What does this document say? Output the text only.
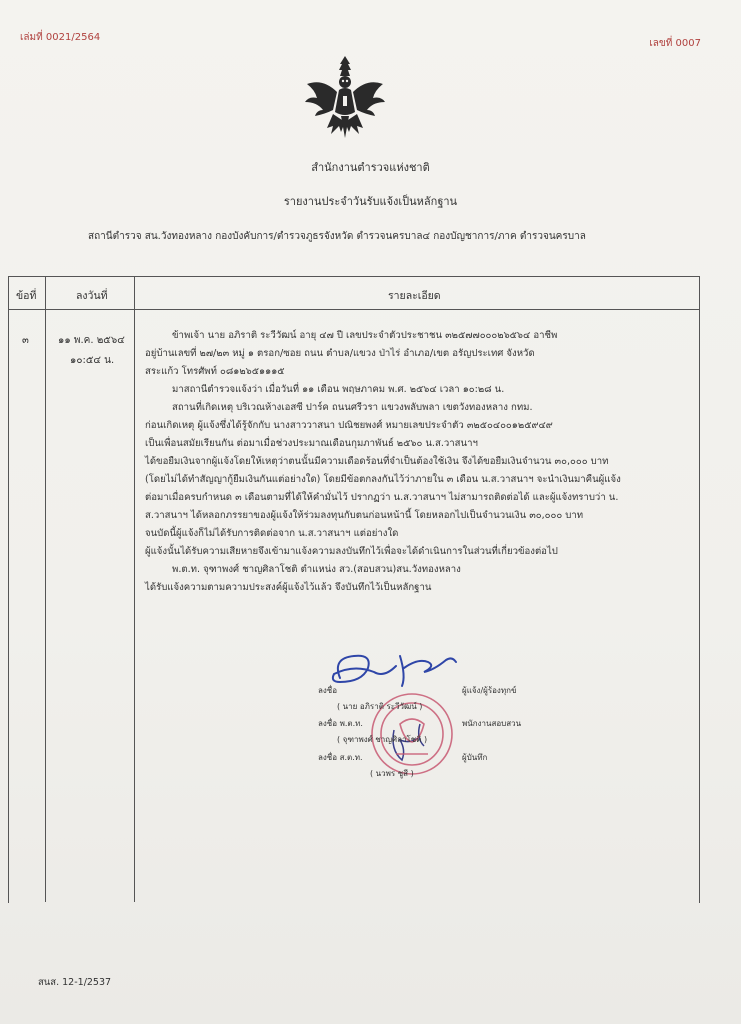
เล่มที่ 0021/2564
เลขที่ 0007
สำนักงานตำรวจแห่งชาติ
รายงานประจำวันรับแจ้งเป็นหลักฐาน
สถานีตำรวจ สน.วังทองหลาง กองบังคับการ/ตำรวจภูธรจังหวัด ตำรวจนครบาล๔ กองบัญชาการ/ภาค ตำรวจนครบาล
ข้อที่	ลงวันที่	รายละเอียด
๓	๑๑ พ.ค. ๒๕๖๔
๑๐:๕๔ น.
ข้าพเจ้า นาย อภิราติ ระวีวัฒน์ อายุ ๔๗ ปี เลขประจำตัวประชาชน ๓๒๕๗๗๐๐๐๒๖๕๖๔ อาชีพ
อยู่บ้านเลขที่ ๒๗/๒๓ หมู่ ๑ ตรอก/ซอย ถนน ตำบล/แขวง ป่าไร่ อำเภอ/เขต อรัญประเทศ จังหวัด
สระแก้ว โทรศัพท์ ๐๘๑๒๖๕๑๑๑๕
มาสถานีตำรวจแจ้งว่า เมื่อวันที่ ๑๑ เดือน พฤษภาคม พ.ศ. ๒๕๖๔ เวลา ๑๐:๒๘ น.
สถานที่เกิดเหตุ บริเวณห้างเอสซี ปาร์ค ถนนศรีวรา แขวงพลับพลา เขตวังทองหลาง กทม.
ก่อนเกิดเหตุ ผู้แจ้งซึ่งได้รู้จักกับ นางสาววาสนา ปณิชยพงศ์ หมายเลขประจำตัว ๓๒๕๐๔๐๐๑๒๕๙๔๙
เป็นเพื่อนสมัยเรียนกัน ต่อมาเมื่อช่วงประมาณเดือนกุมภาพันธ์ ๒๕๖๐ น.ส.วาสนาฯ
ได้ขอยืมเงินจากผู้แจ้งโดยให้เหตุว่าตนนั้นมีความเดือดร้อนที่จำเป็นต้องใช้เงิน จึงได้ขอยืมเงินจำนวน ๓๐,๐๐๐ บาท
(โดยไม่ได้ทำสัญญากู้ยืมเงินกันแต่อย่างใด) โดยมีข้อตกลงกันไว้ว่าภายใน ๓ เดือน น.ส.วาสนาฯ จะนำเงินมาคืนผู้แจ้ง
ต่อมาเมื่อครบกำหนด ๓ เดือนตามที่ได้ให้คำมั่นไว้ ปรากฏว่า น.ส.วาสนาฯ ไม่สามารถติดต่อได้ และผู้แจ้งทราบว่า น.
ส.วาสนาฯ ได้หลอกภรรยาของผู้แจ้งให้ร่วมลงทุนกับตนก่อนหน้านี้ โดยหลอกไปเป็นจำนวนเงิน ๓๐,๐๐๐ บาท
จนบัดนี้ผู้แจ้งก็ไม่ได้รับการติดต่อจาก น.ส.วาสนาฯ แต่อย่างใด
ผู้แจ้งนั้นได้รับความเสียหายจึงเข้ามาแจ้งความลงบันทึกไว้เพื่อจะได้ดำเนินการในส่วนที่เกี่ยวข้องต่อไป
พ.ต.ท. จุฑาพงศ์ ชาญศิลาโชติ ตำแหน่ง สว.(สอบสวน)สน.วังทองหลาง
ได้รับแจ้งความตามความประสงค์ผู้แจ้งไว้แล้ว จึงบันทึกไว้เป็นหลักฐาน
ลงชื่อ	ผู้แจ้ง/ผู้ร้องทุกข์
( นาย อภิราติ ระวีวัฒน์ )
ลงชื่อ พ.ต.ท.	พนักงานสอบสวน
( จุฑาพงศ์ ชาญศิลาโชติ )
ลงชื่อ ส.ต.ท.	ผู้บันทึก
( นวพร ชูสี )
สนส. 12-1/2537
